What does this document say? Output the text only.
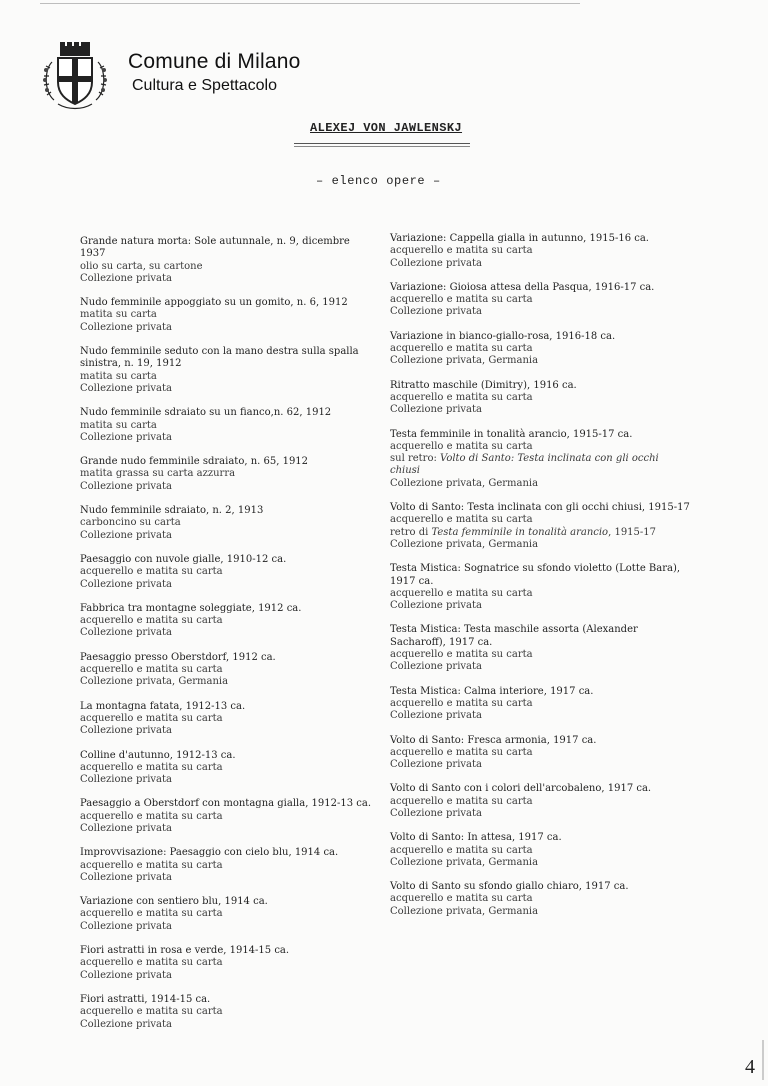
Comune di Milano
Cultura e Spettacolo
ALEXEJ VON JAWLENSKJ
– elenco opere –
Grande natura morta: Sole autunnale, n. 9, dicembre 1937
olio su carta, su cartone
Collezione privata
Nudo femminile appoggiato su un gomito, n. 6, 1912
matita su carta
Collezione privata
Nudo femminile seduto con la mano destra sulla spalla sinistra, n. 19, 1912
matita su carta
Collezione privata
Nudo femminile sdraiato su un fianco,n. 62, 1912
matita su carta
Collezione privata
Grande nudo femminile sdraiato, n. 65, 1912
matita grassa su carta azzurra
Collezione privata
Nudo femminile sdraiato, n. 2, 1913
carboncino su carta
Collezione privata
Paesaggio con nuvole gialle, 1910-12 ca.
acquerello e matita su carta
Collezione privata
Fabbrica tra montagne soleggiate, 1912 ca.
acquerello e matita su carta
Collezione privata
Paesaggio presso Oberstdorf, 1912 ca.
acquerello e matita su carta
Collezione privata, Germania
La montagna fatata, 1912-13 ca.
acquerello e matita su carta
Collezione privata
Colline d'autunno, 1912-13 ca.
acquerello e matita su carta
Collezione privata
Paesaggio a Oberstdorf con montagna gialla, 1912-13 ca.
acquerello e matita su carta
Collezione privata
Improvvisazione: Paesaggio con cielo blu, 1914 ca.
acquerello e matita su carta
Collezione privata
Variazione con sentiero blu, 1914 ca.
acquerello e matita su carta
Collezione privata
Fiori astratti in rosa e verde, 1914-15 ca.
acquerello e matita su carta
Collezione privata
Fiori astratti, 1914-15 ca.
acquerello e matita su carta
Collezione privata
Variazione: Cappella gialla in autunno, 1915-16 ca.
acquerello e matita su carta
Collezione privata
Variazione: Gioiosa attesa della Pasqua, 1916-17 ca.
acquerello e matita su carta
Collezione privata
Variazione in bianco-giallo-rosa, 1916-18 ca.
acquerello e matita su carta
Collezione privata, Germania
Ritratto maschile (Dimitry), 1916 ca.
acquerello e matita su carta
Collezione privata
Testa femminile in tonalità arancio, 1915-17 ca.
acquerello e matita su carta
sul retro: Volto di Santo: Testa inclinata con gli occhi chiusi
Collezione privata, Germania
Volto di Santo: Testa inclinata con gli occhi chiusi, 1915-17
acquerello e matita su carta
retro di Testa femminile in tonalità arancio, 1915-17
Collezione privata, Germania
Testa Mistica: Sognatrice su sfondo violetto (Lotte Bara), 1917 ca.
acquerello e matita su carta
Collezione privata
Testa Mistica: Testa maschile assorta (Alexander Sacharoff), 1917 ca.
acquerello e matita su carta
Collezione privata
Testa Mistica: Calma interiore, 1917 ca.
acquerello e matita su carta
Collezione privata
Volto di Santo: Fresca armonia, 1917 ca.
acquerello e matita su carta
Collezione privata
Volto di Santo con i colori dell'arcobaleno, 1917 ca.
acquerello e matita su carta
Collezione privata
Volto di Santo: In attesa, 1917 ca.
acquerello e matita su carta
Collezione privata, Germania
Volto di Santo su sfondo giallo chiaro, 1917 ca.
acquerello e matita su carta
Collezione privata, Germania
4
